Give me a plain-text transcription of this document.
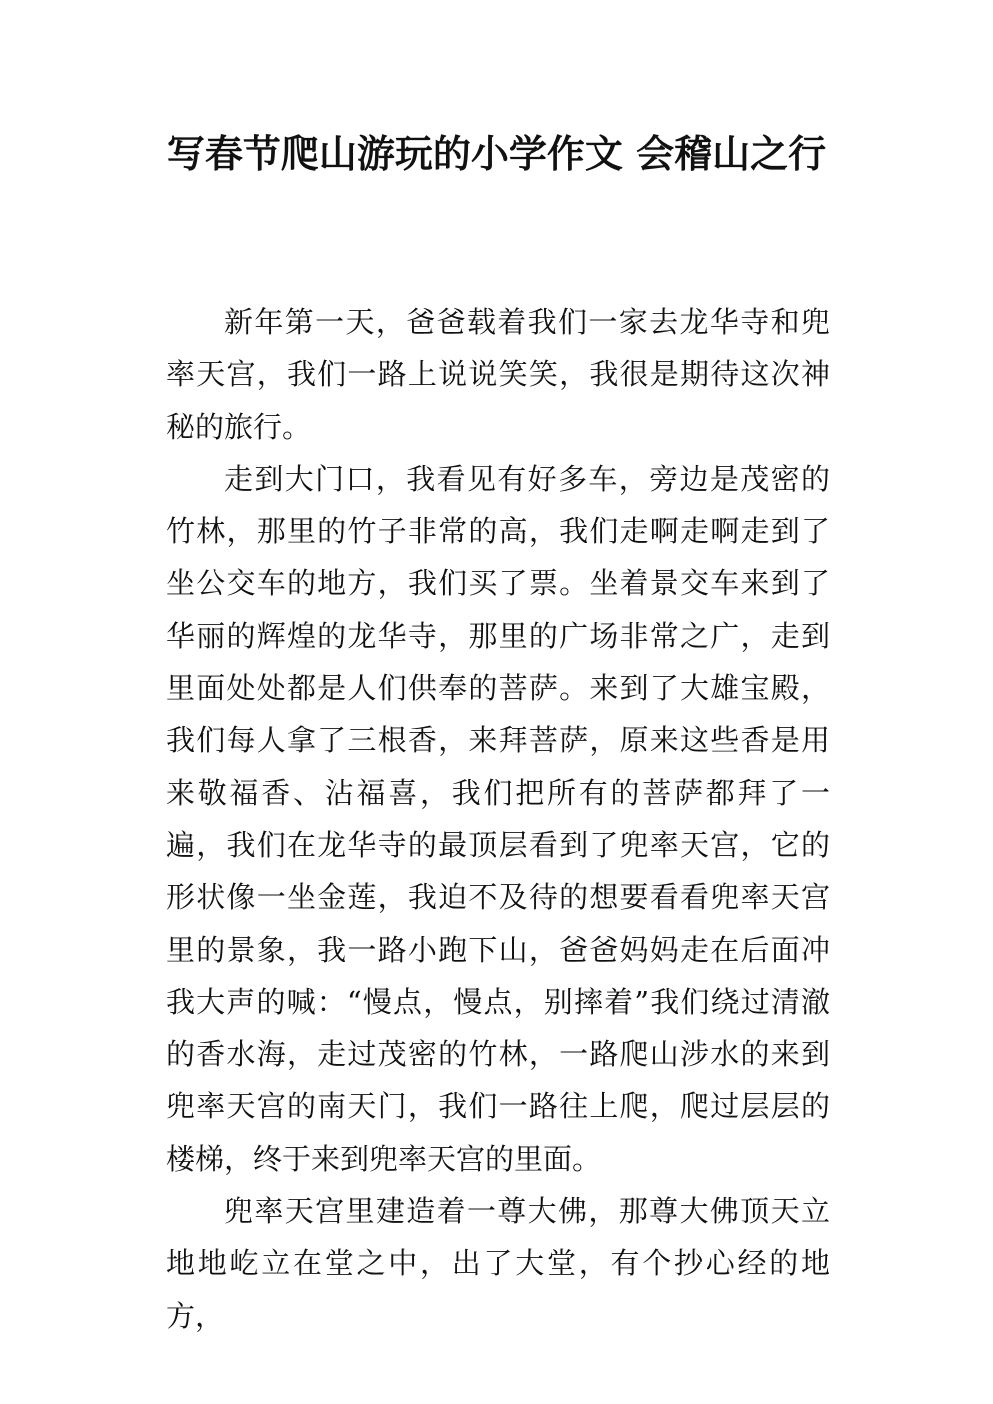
写春节爬山游玩的小学作文 会稽山之行

新年第一天，爸爸载着我们一家去龙华寺和兜率天宫，我们一路上说说笑笑，我很是期待这次神秘的旅行。

走到大门口，我看见有好多车，旁边是茂密的竹林，那里的竹子非常的高，我们走啊走啊走到了坐公交车的地方，我们买了票。坐着景交车来到了华丽的辉煌的龙华寺，那里的广场非常之广，走到里面处处都是人们供奉的菩萨。来到了大雄宝殿，我们每人拿了三根香，来拜菩萨，原来这些香是用来敬福香、沾福喜，我们把所有的菩萨都拜了一遍，我们在龙华寺的最顶层看到了兜率天宫，它的形状像一坐金莲，我迫不及待的想要看看兜率天宫里的景象，我一路小跑下山，爸爸妈妈走在后面冲我大声的喊：“慢点，慢点，别摔着”我们绕过清澈的香水海，走过茂密的竹林，一路爬山涉水的来到兜率天宫的南天门，我们一路往上爬，爬过层层的楼梯，终于来到兜率天宫的里面。

兜率天宫里建造着一尊大佛，那尊大佛顶天立地地屹立在堂之中，出了大堂，有个抄心经的地方，
